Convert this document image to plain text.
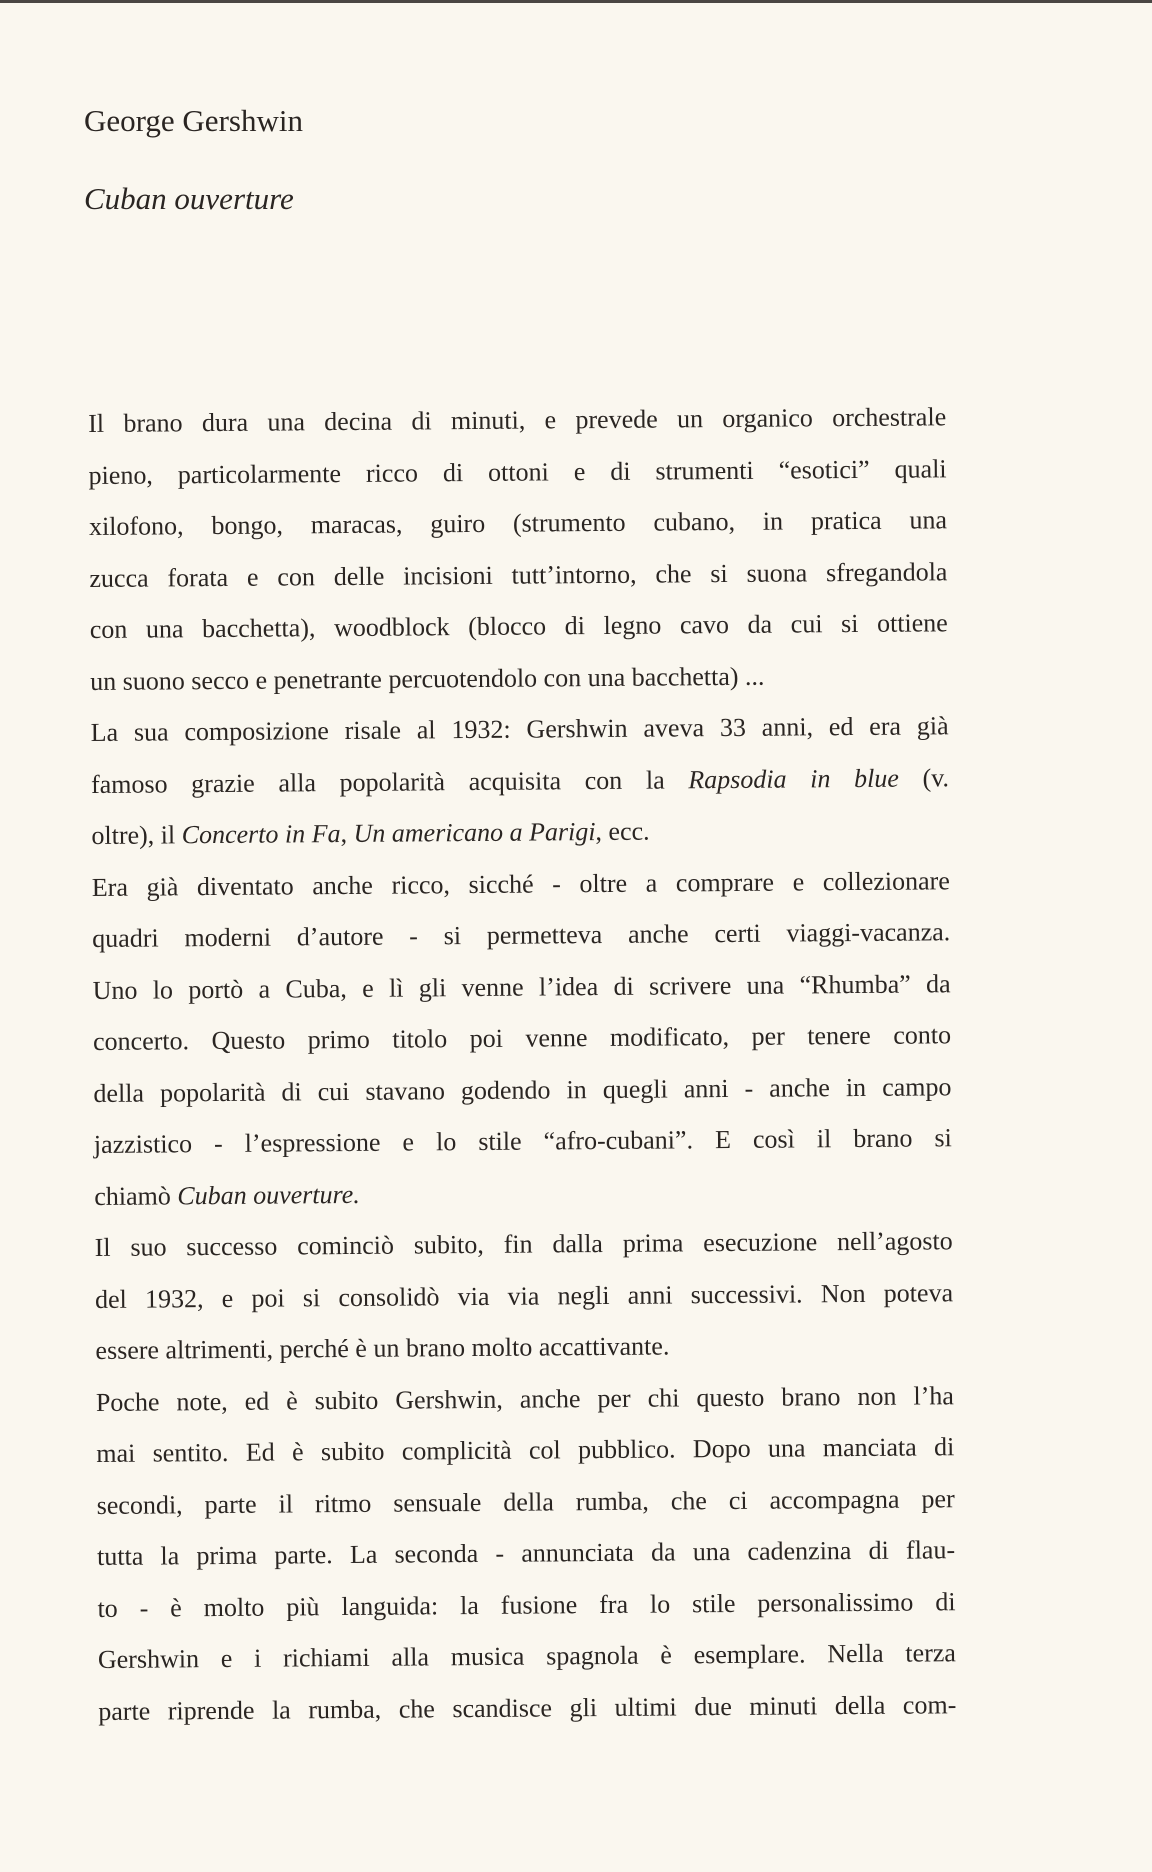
George Gershwin
Cuban ouverture
Il brano dura una decina di minuti, e prevede un organico orchestrale
pieno, particolarmente ricco di ottoni e di strumenti “esotici” quali
xilofono, bongo, maracas, guiro (strumento cubano, in pratica una
zucca forata e con delle incisioni tutt’intorno, che si suona sfregandola
con una bacchetta), woodblock (blocco di legno cavo da cui si ottiene
un suono secco e penetrante percuotendolo con una bacchetta) ...
La sua composizione risale al 1932: Gershwin aveva 33 anni, ed era già
famoso grazie alla popolarità acquisita con la Rapsodia in blue (v.
oltre), il Concerto in Fa, Un americano a Parigi, ecc.
Era già diventato anche ricco, sicché - oltre a comprare e collezionare
quadri moderni d’autore - si permetteva anche certi viaggi-vacanza.
Uno lo portò a Cuba, e lì gli venne l’idea di scrivere una “Rhumba” da
concerto. Questo primo titolo poi venne modificato, per tenere conto
della popolarità di cui stavano godendo in quegli anni - anche in campo
jazzistico - l’espressione e lo stile “afro-cubani”. E così il brano si
chiamò Cuban ouverture.
Il suo successo cominciò subito, fin dalla prima esecuzione nell’agosto
del 1932, e poi si consolidò via via negli anni successivi. Non poteva
essere altrimenti, perché è un brano molto accattivante.
Poche note, ed è subito Gershwin, anche per chi questo brano non l’ha
mai sentito. Ed è subito complicità col pubblico. Dopo una manciata di
secondi, parte il ritmo sensuale della rumba, che ci accompagna per
tutta la prima parte. La seconda - annunciata da una cadenzina di flau-
to - è molto più languida: la fusione fra lo stile personalissimo di
Gershwin e i richiami alla musica spagnola è esemplare. Nella terza
parte riprende la rumba, che scandisce gli ultimi due minuti della com-
